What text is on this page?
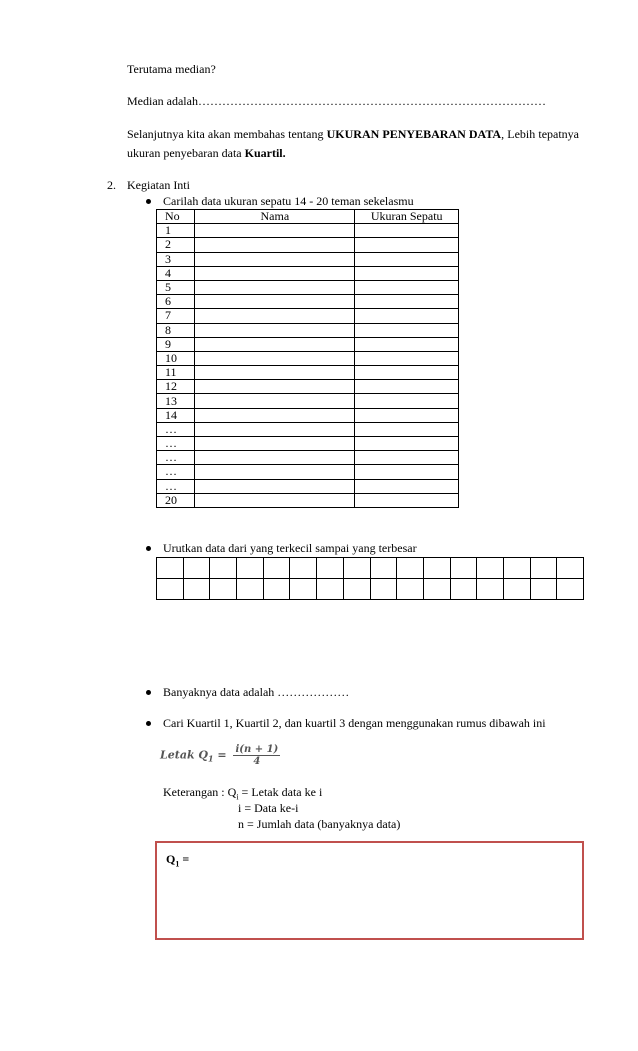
Terutama median?
Median adalah……………………………………………………………………………
Selanjutnya kita akan membahas tentang UKURAN PENYEBARAN DATA, Lebih tepatnya ukuran penyebaran data Kuartil.
2. Kegiatan Inti
Carilah data ukuran sepatu 14 - 20 teman sekelasmu
No	Nama	Ukuran Sepatu
1		
2		
3		
4		
5		
6		
7		
8		
9		
10		
11		
12		
13		
14		
…		
…		
…		
…		
…		
20		
Urutkan data dari yang terkecil sampai yang terbesar

Banyaknya data adalah ………………
Cari Kuartil 1, Kuartil 2, dan kuartil 3 dengan menggunakan rumus dibawah ini
Letak $Q_1 = \frac{i(n + 1)}{4}$
Keterangan : $Q_i$ = Letak data ke i
i = Data ke-i
n = Jumlah data (banyaknya data)
$Q_1$ =
